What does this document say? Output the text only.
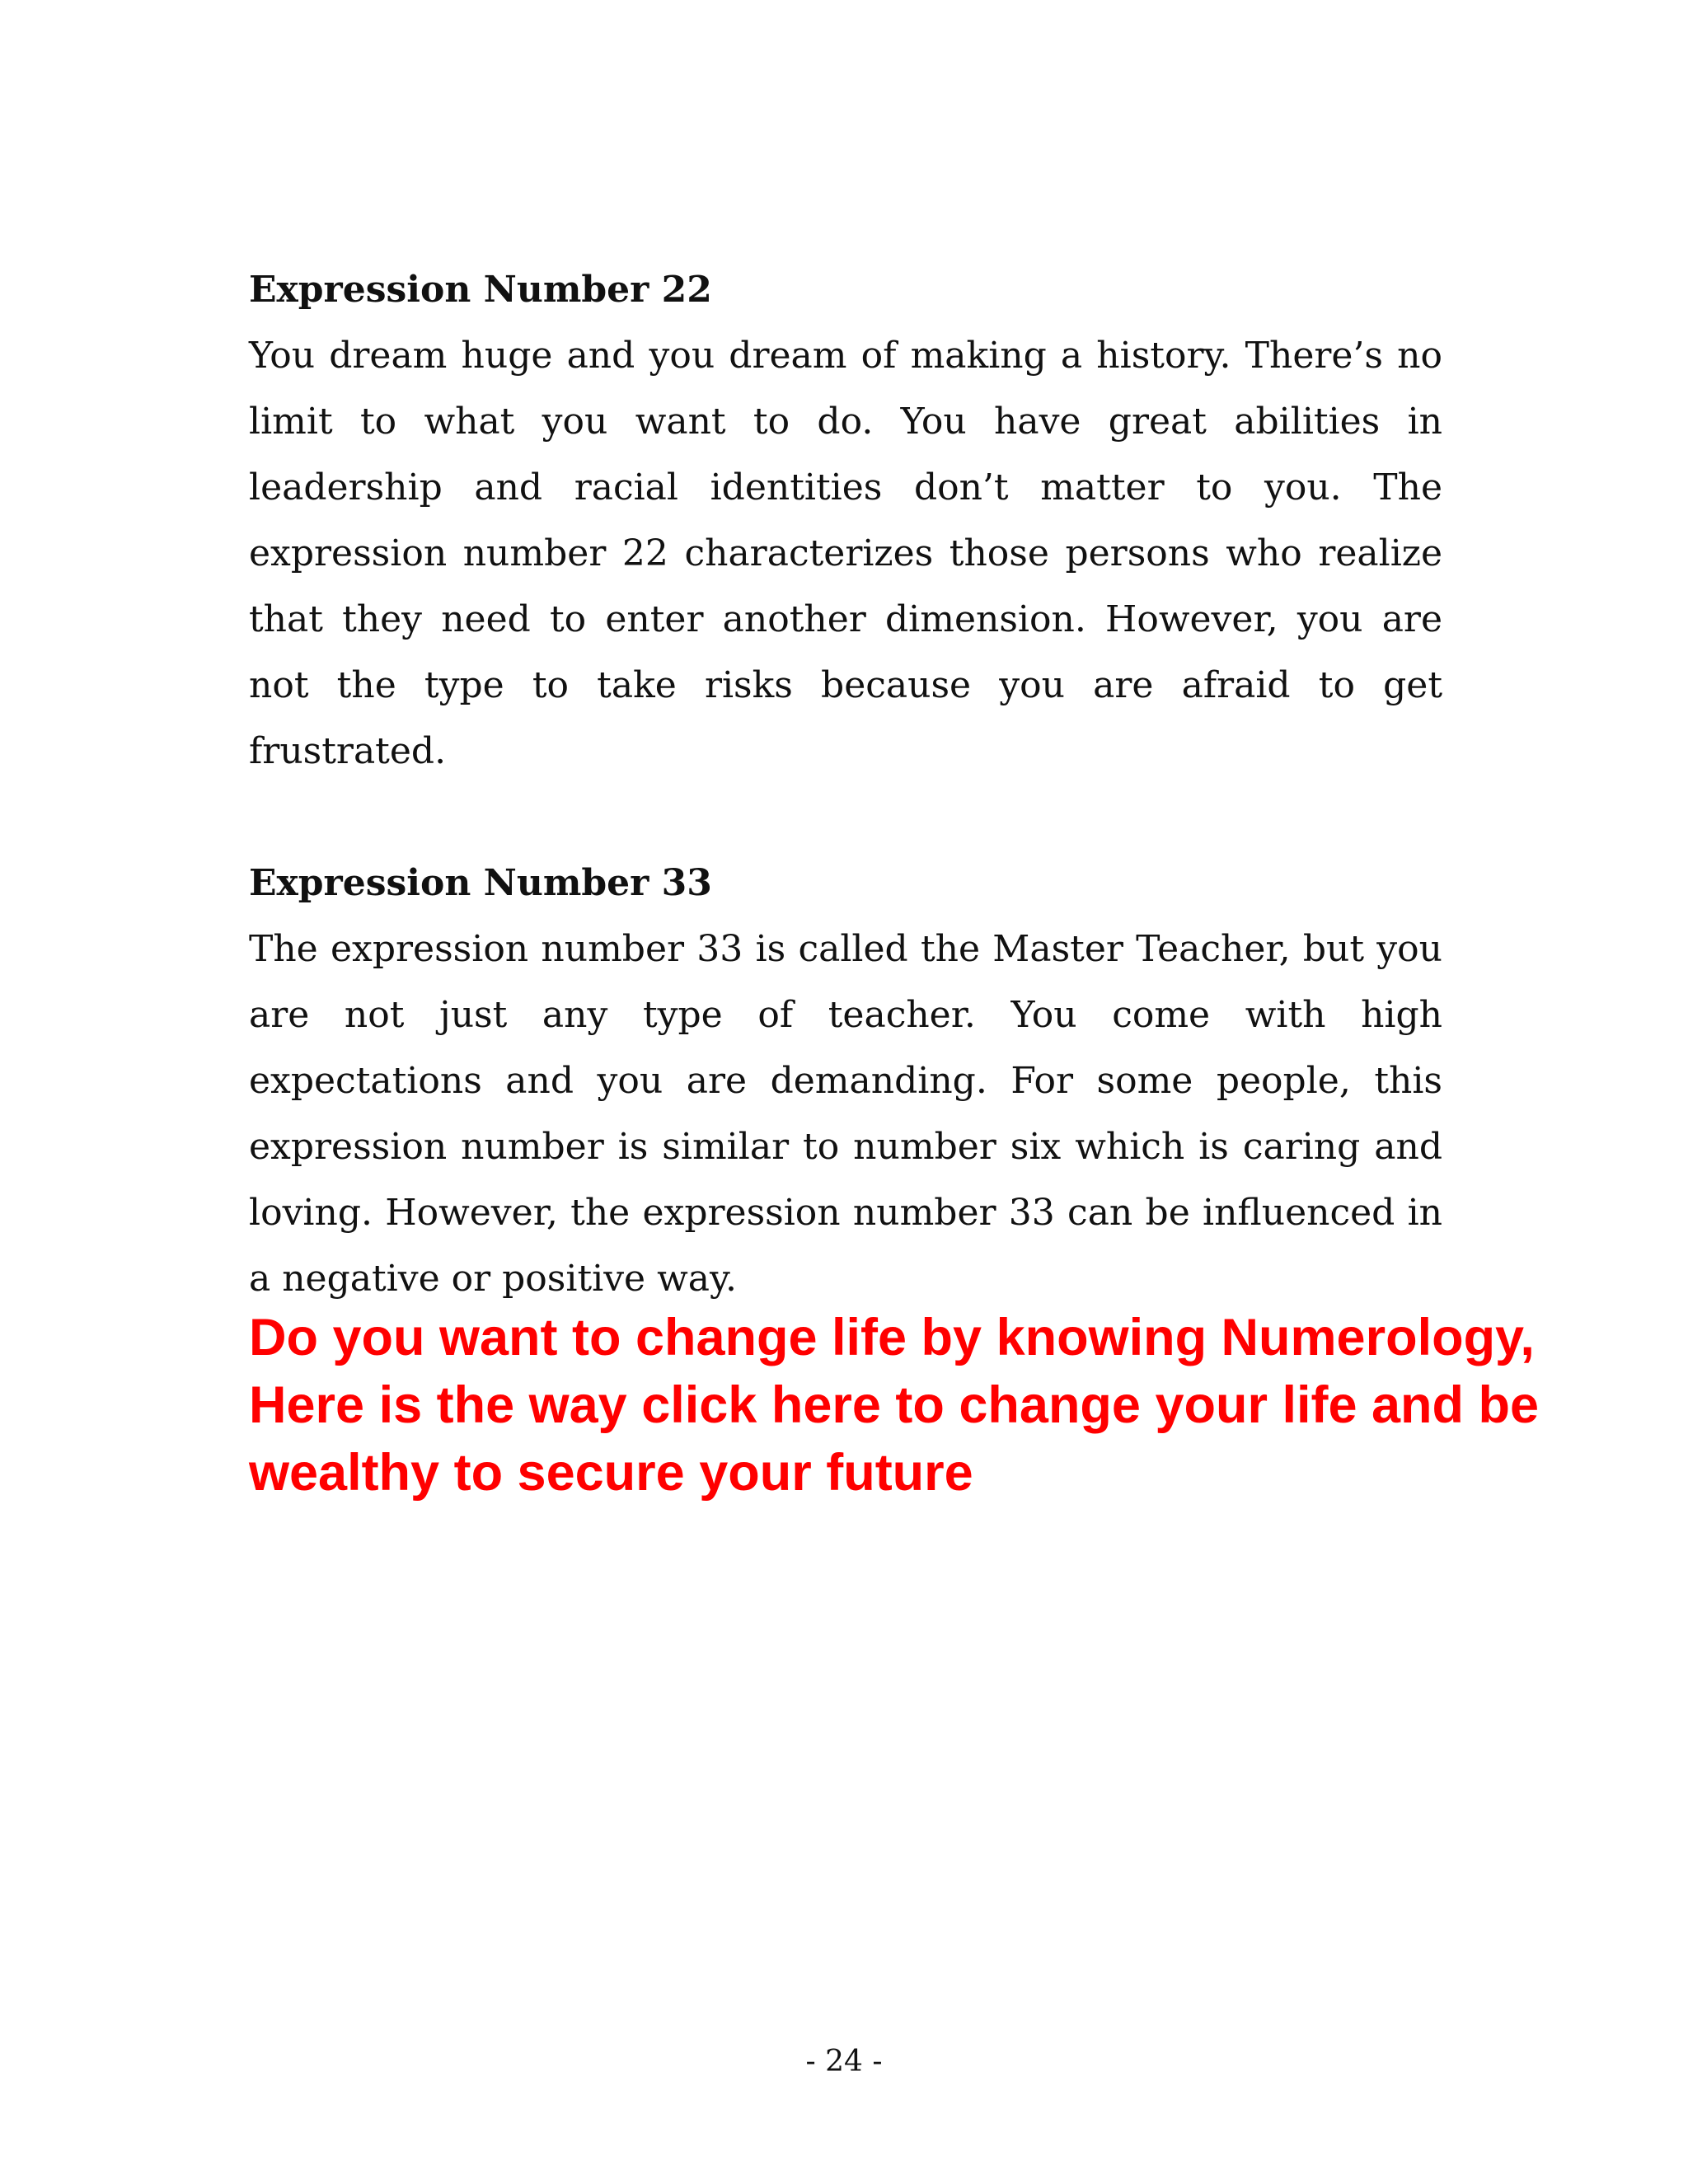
Expression Number 22

You dream huge and you dream of making a history. There’s no limit to what you want to do. You have great abilities in leadership and racial identities don’t matter to you. The expression number 22 characterizes those persons who realize that they need to enter another dimension. However, you are not the type to take risks because you are afraid to get frustrated.

Expression Number 33

The expression number 33 is called the Master Teacher, but you are not just any type of teacher. You come with high expectations and you are demanding. For some people, this expression number is similar to number six which is caring and loving. However, the expression number 33 can be influenced in a negative or positive way.

Do you want to change life by knowing Numerology, Here is the way click here to change your life and be wealthy to secure your future
- 24 -
